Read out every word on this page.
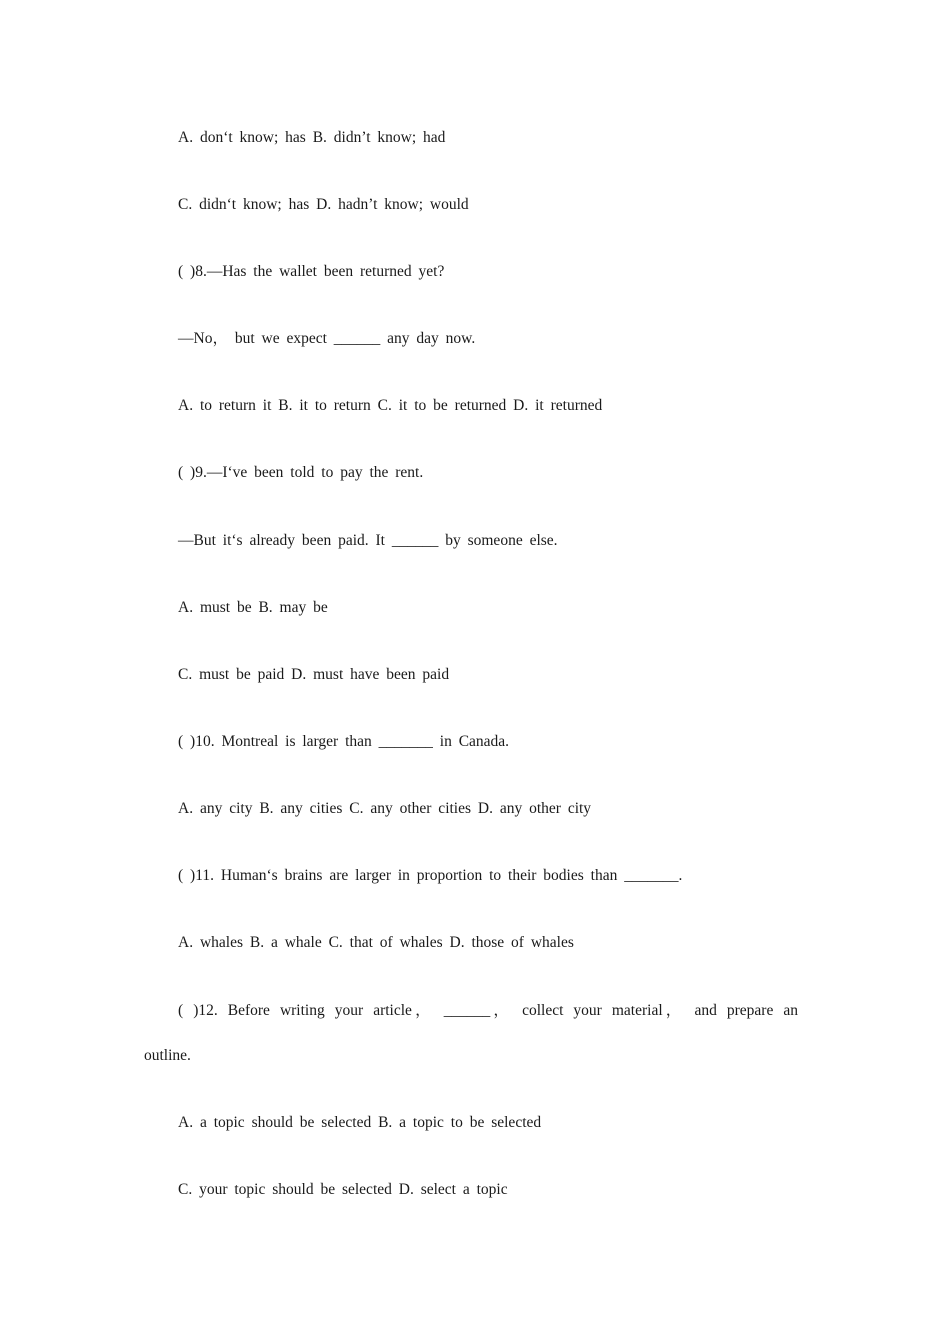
A. don‘t know; has B. didn’t know; had
C. didn‘t know; has D. hadn’t know; would
( )8.—Has the wallet been returned yet?
—No， but we expect ______ any day now.
A. to return it B. it to return C. it to be returned D. it returned
( )9.—I‘ve been told to pay the rent.
—But it‘s already been paid. It ______ by someone else.
A. must be B. may be
C. must be paid D. must have been paid
( )10. Montreal is larger than _______ in Canada.
A. any city B. any cities C. any other cities D. any other city
( )11. Human‘s brains are larger in proportion to their bodies than _______.
A. whales B. a whale C. that of whales D. those of whales
( )12. Before writing your article， ______， collect your material， and prepare an
outline.
A. a topic should be selected B. a topic to be selected
C. your topic should be selected D. select a topic
